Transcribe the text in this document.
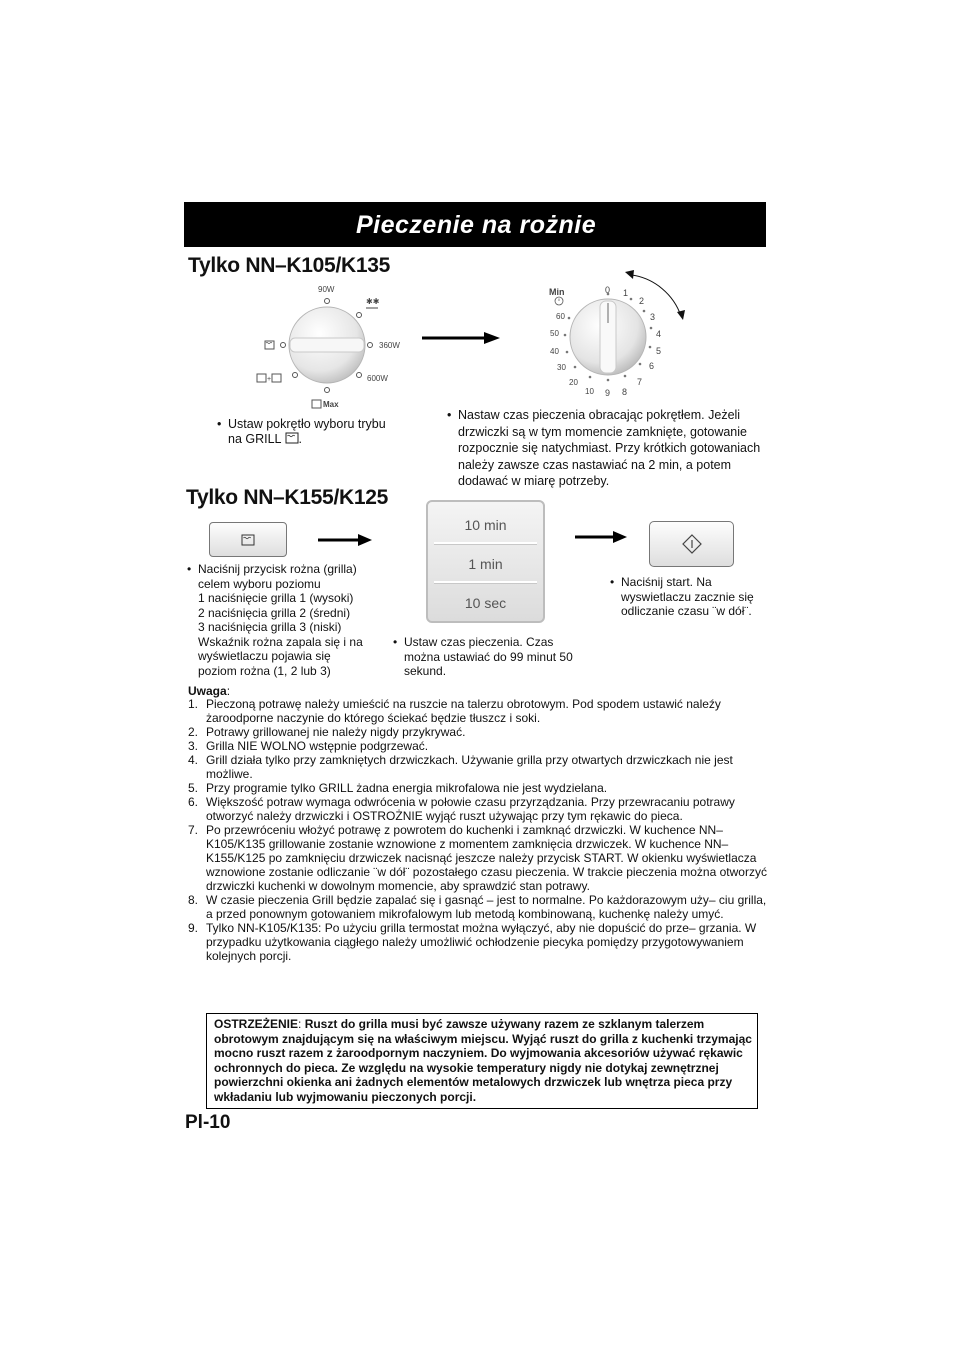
Pieczenie na rożnie
Tylko NN–K105/K135
90W
360W
600W
Max
✱✱
+
Min	0 1
2
3
4
5
6
7
8
9
10
20
30
40
50
60
• Ustaw pokrętło wyboru trybu na GRILL .
• Nastaw czas pieczenia obracając pokrętłem. Jeżeli drzwiczki są w tym momencie zamknięte, gotowanie rozpocznie się natychmiast. Przy krótkich gotowaniach należy zawsze czas nastawiać na 2 min, a potem dodawać w miarę potrzeby.
Tylko NN–K155/K125
10 min
1 min
10 sec
• Naciśnij przycisk rożna (grilla)
celem wyboru poziomu
1 naciśnięcie grilla 1 (wysoki)
2 naciśnięcia grilla 2 (średni)
3 naciśnięcia grilla 3 (niski)
Wskaźnik rożna zapala się i na
wyświetlaczu pojawia się
poziom rożna (1, 2 lub 3)
• Ustaw czas pieczenia. Czas można ustawiać do 99 minut 50 sekund.
• Naciśnij start. Na wyswietlaczu zacznie się odliczanie czasu ¨w dół¨.
Uwaga:
1. Pieczoną potrawę należy umieścić na ruszcie na talerzu obrotowym. Pod spodem ustawić naleźy żaroodporne naczynie do którego ściekać będzie tłuszcz i soki.
2. Potrawy grillowanej nie należy nigdy przykrywać.
3. Grilla NIE WOLNO wstępnie podgrzewać.
4. Grill działa tylko przy zamkniętych drzwiczkach. Używanie grilla przy otwartych drzwiczkach nie jest możliwe.
5. Przy programie tylko GRILL żadna energia mikrofalowa nie jest wydzielana.
6. Większość potraw wymaga odwrócenia w połowie czasu przyrządzania. Przy przewracaniu potrawy otworzyć należy drzwiczki i OSTROŻNIE wyjąć ruszt używając przy tym rękawic do pieca.
7. Po przewróceniu włożyć potrawę z powrotem do kuchenki i zamknąć drzwiczki. W kuchence NN–K105/K135 grillowanie zostanie wznowione z momentem zamknięcia drzwiczek. W kuchence NN–K155/K125 po zamknięciu drzwiczek nacisnąć jeszcze należy przycisk START. W okienku wyświetlacza wznowione zostanie odliczanie ¨w dół¨ pozostałego czasu pieczenia. W trakcie pieczenia można otworzyć drzwiczki kuchenki w dowolnym momencie, aby sprawdzić stan potrawy.
8. W czasie pieczenia Grill będzie zapalać się i gasnąć – jest to normalne. Po każdorazowym uży– ciu grilla, a przed ponownym gotowaniem mikrofalowym lub metodą kombinowaną, kuchenkę należy umyć.
9. Tylko NN-K105/K135: Po użyciu grilla termostat można wyłączyć, aby nie dopuścić do prze– grzania. W przypadku użytkowania ciągłego należy umożliwić ochłodzenie piecyka pomiędzy przygotowywaniem kolejnych porcji.
OSTRZEŻENIE: Ruszt do grilla musi być zawsze używany razem ze szklanym talerzem obrotowym znajdującym się na właściwym miejscu. Wyjąć ruszt do grilla z kuchenki trzymając mocno ruszt razem z żaroodpornym naczyniem. Do wyjmowania akcesoriów używać rękawic ochronnych do pieca. Ze względu na wysokie temperatury nigdy nie dotykaj zewnętrznej powierzchni okienka ani żadnych elementów metalowych drzwiczek lub wnętrza pieca przy wkładaniu lub wyjmowaniu pieczonych porcji.
Pl-10
